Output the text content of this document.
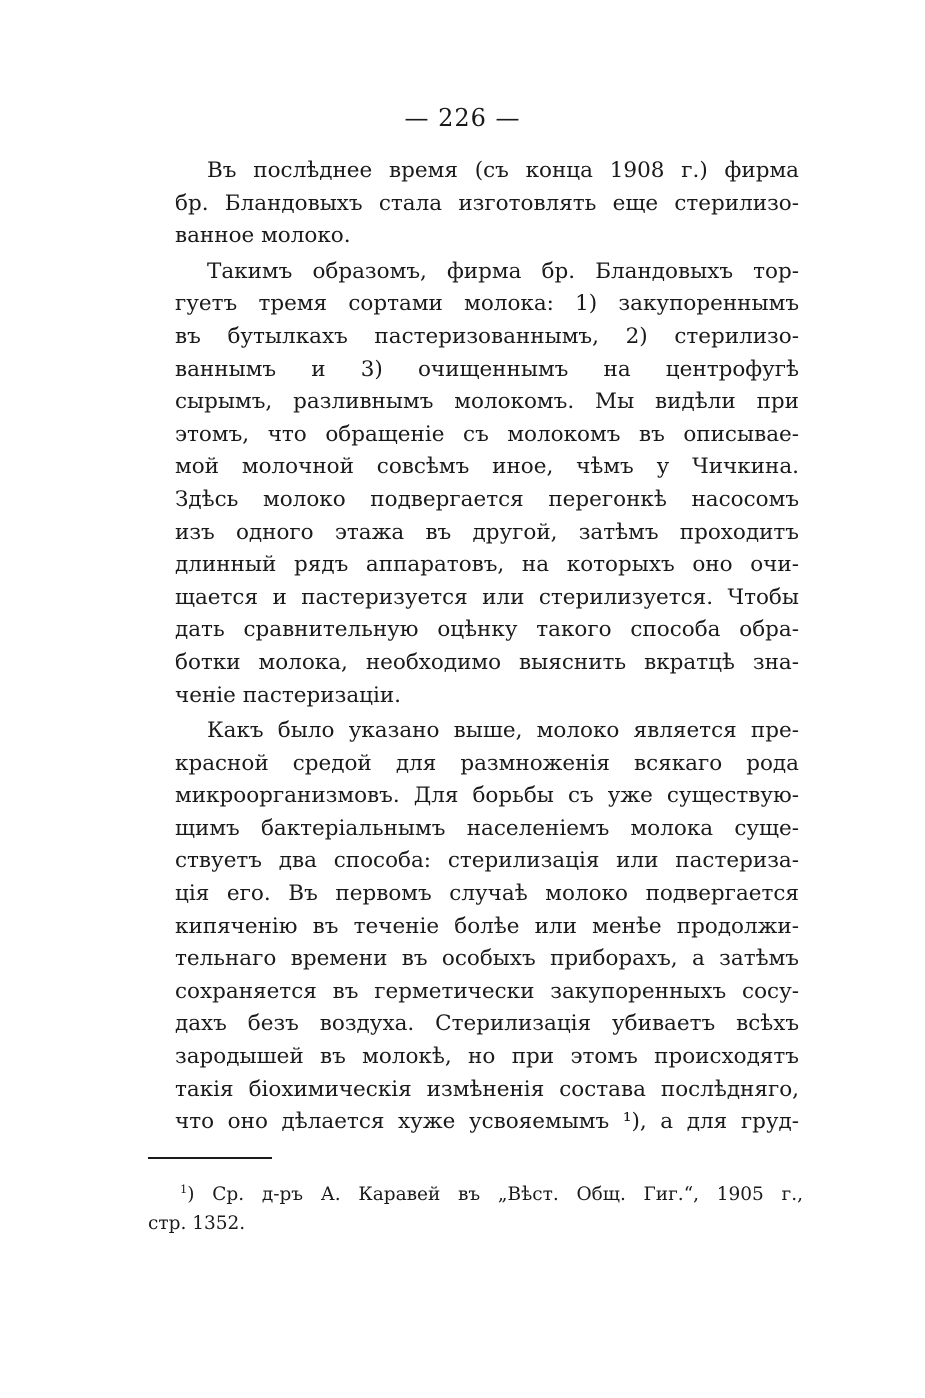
— 226 —
Въ послѣднее время (съ конца 1908 г.) фирма
бр. Бландовыхъ стала изготовлять еще стерилизо-
ванное молоко.
Такимъ образомъ, фирма бр. Бландовыхъ тор-
гуетъ тремя сортами молока: 1) закупореннымъ
въ бутылкахъ пастеризованнымъ, 2) стерилизо-
ваннымъ и 3) очищеннымъ на центрофугѣ
сырымъ, разливнымъ молокомъ. Мы видѣли при
этомъ, что обращеніе съ молокомъ въ описывае-
мой молочной совсѣмъ иное, чѣмъ у Чичкина.
Здѣсь молоко подвергается перегонкѣ насосомъ
изъ одного этажа въ другой, затѣмъ проходитъ
длинный рядъ аппаратовъ, на которыхъ оно очи-
щается и пастеризуется или стерилизуется. Чтобы
дать сравнительную оцѣнку такого способа обра-
ботки молока, необходимо выяснить вкратцѣ зна-
ченіе пастеризаціи.
Какъ было указано выше, молоко является пре-
красной средой для размноженія всякаго рода
микроорганизмовъ. Для борьбы съ уже существую-
щимъ бактеріальнымъ населеніемъ молока суще-
ствуетъ два способа: стерилизація или пастериза-
ція его. Въ первомъ случаѣ молоко подвергается
кипяченію въ теченіе болѣе или менѣе продолжи-
тельнаго времени въ особыхъ приборахъ, а затѣмъ
сохраняется въ герметически закупоренныхъ сосу-
дахъ безъ воздуха. Стерилизація убиваетъ всѣхъ
зародышей въ молокѣ, но при этомъ происходятъ
такія біохимическія измѣненія состава послѣдняго,
что оно дѣлается хуже усвояемымъ ¹), а для груд-
$^1$) Ср. д-ръ А. Каравей въ „Вѣст. Общ. Гиг.“, 1905 г.,
стр. 1352.
